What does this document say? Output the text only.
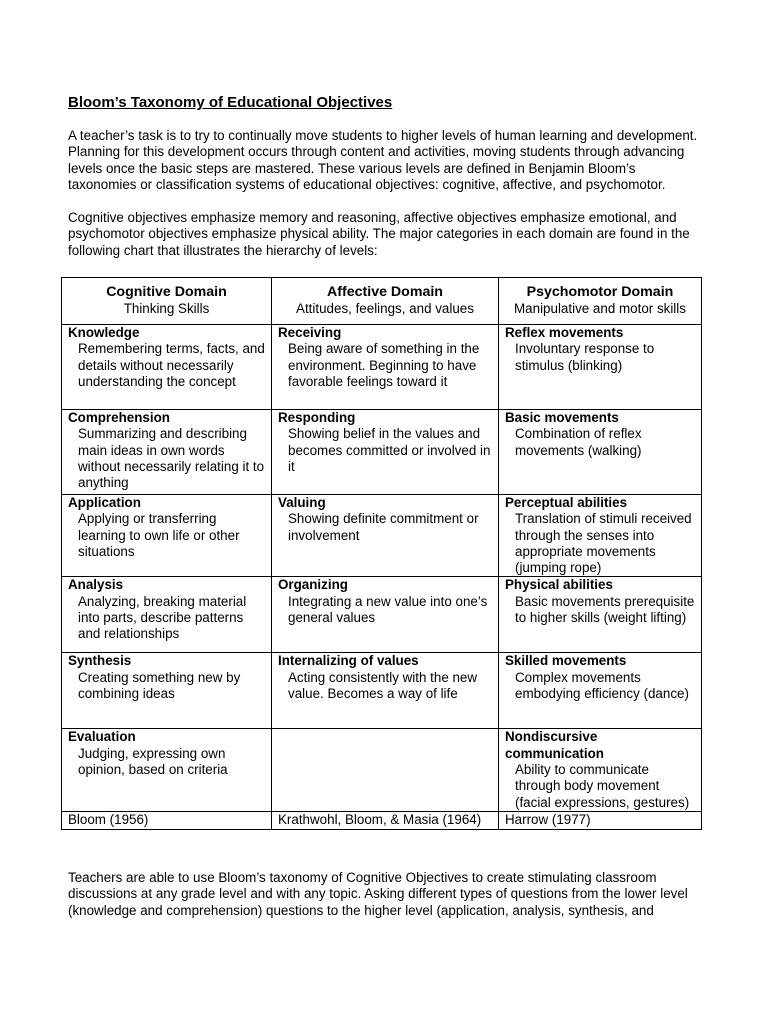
Bloom’s Taxonomy of Educational Objectives
A teacher’s task is to try to continually move students to higher levels of human learning and development.
Planning for this development occurs through content and activities, moving students through advancing
levels once the basic steps are mastered. These various levels are defined in Benjamin Bloom’s
taxonomies or classification systems of educational objectives: cognitive, affective, and psychomotor.
Cognitive objectives emphasize memory and reasoning, affective objectives emphasize emotional, and
psychomotor objectives emphasize physical ability. The major categories in each domain are found in the
following chart that illustrates the hierarchy of levels:
Cognitive Domain
Thinking Skills	Affective Domain
Attitudes, feelings, and values	Psychomotor Domain
Manipulative and motor skills

Knowledge
Remembering terms, facts, and details without necessarily understanding the concept	Receiving
Being aware of something in the environment. Beginning to have favorable feelings toward it	Reflex movements
Involuntary response to stimulus (blinking)

Comprehension
Summarizing and describing main ideas in own words without necessarily relating it to anything	Responding
Showing belief in the values and becomes committed or involved in it	Basic movements
Combination of reflex movements (walking)

Application
Applying or transferring learning to own life or other situations	Valuing
Showing definite commitment or involvement	Perceptual abilities
Translation of stimuli received through the senses into appropriate movements (jumping rope)

Analysis
Analyzing, breaking material into parts, describe patterns and relationships	Organizing
Integrating a new value into one’s general values	Physical abilities
Basic movements prerequisite to higher skills (weight lifting)

Synthesis
Creating something new by combining ideas	Internalizing of values
Acting consistently with the new value. Becomes a way of life	Skilled movements
Complex movements embodying efficiency (dance)

Evaluation
Judging, expressing own opinion, based on criteria		Nondiscursive communication
Ability to communicate through body movement (facial expressions, gestures)

Bloom (1956)	Krathwohl, Bloom, & Masia (1964)	Harrow (1977)
Teachers are able to use Bloom’s taxonomy of Cognitive Objectives to create stimulating classroom
discussions at any grade level and with any topic. Asking different types of questions from the lower level
(knowledge and comprehension) questions to the higher level (application, analysis, synthesis, and
